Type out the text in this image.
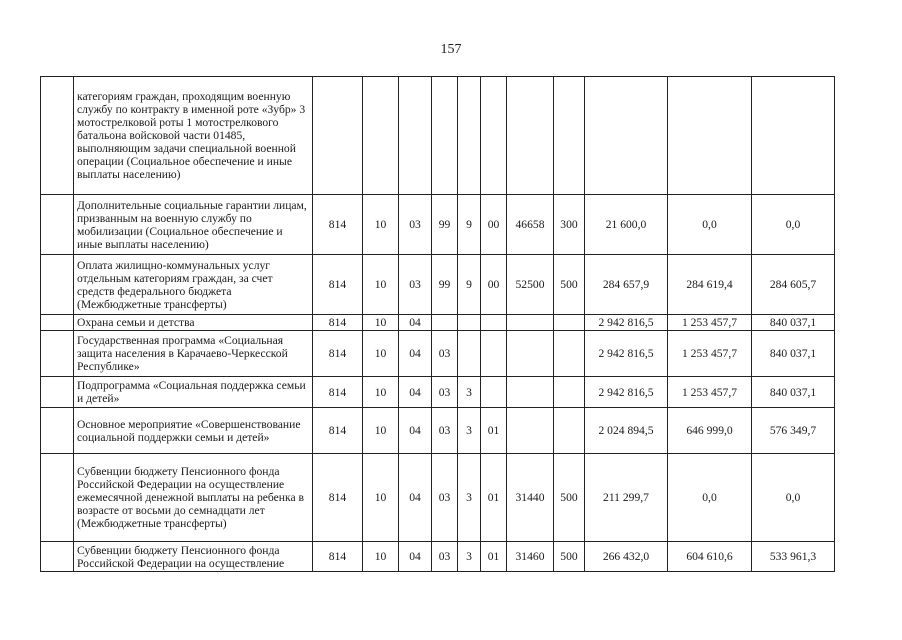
157
	категориям граждан, проходящим военную службу по контракту в именной роте «Зубр» 3 мотострелковой роты 1 мотострелкового батальона войсковой части 01485, выполняющим задачи специальной военной операции (Социальное обеспечение и иные выплаты населению)											
	Дополнительные социальные гарантии лицам, призванным на военную службу по мобилизации (Социальное обеспечение и иные выплаты населению)	814	10	03	99	9	00	46658	300	21 600,0	0,0	0,0
	Оплата жилищно-коммунальных услуг отдельным категориям граждан, за счет средств федерального бюджета (Межбюджетные трансферты)	814	10	03	99	9	00	52500	500	284 657,9	284 619,4	284 605,7
	Охрана семьи и детства	814	10	04						2 942 816,5	1 253 457,7	840 037,1
	Государственная программа «Социальная защита населения в Карачаево-Черкесской Республике»	814	10	04	03					2 942 816,5	1 253 457,7	840 037,1
	Подпрограмма «Социальная поддержка семьи и детей»	814	10	04	03	3				2 942 816,5	1 253 457,7	840 037,1
	Основное мероприятие «Совершенствование социальной поддержки семьи и детей»	814	10	04	03	3	01			2 024 894,5	646 999,0	576 349,7
	Субвенции бюджету Пенсионного фонда Российской Федерации на осуществление ежемесячной денежной выплаты на ребенка в возрасте от восьми до семнадцати лет (Межбюджетные трансферты)	814	10	04	03	3	01	31440	500	211 299,7	0,0	0,0
	Субвенции бюджету Пенсионного фонда Российской Федерации на осуществление	814	10	04	03	3	01	31460	500	266 432,0	604 610,6	533 961,3
